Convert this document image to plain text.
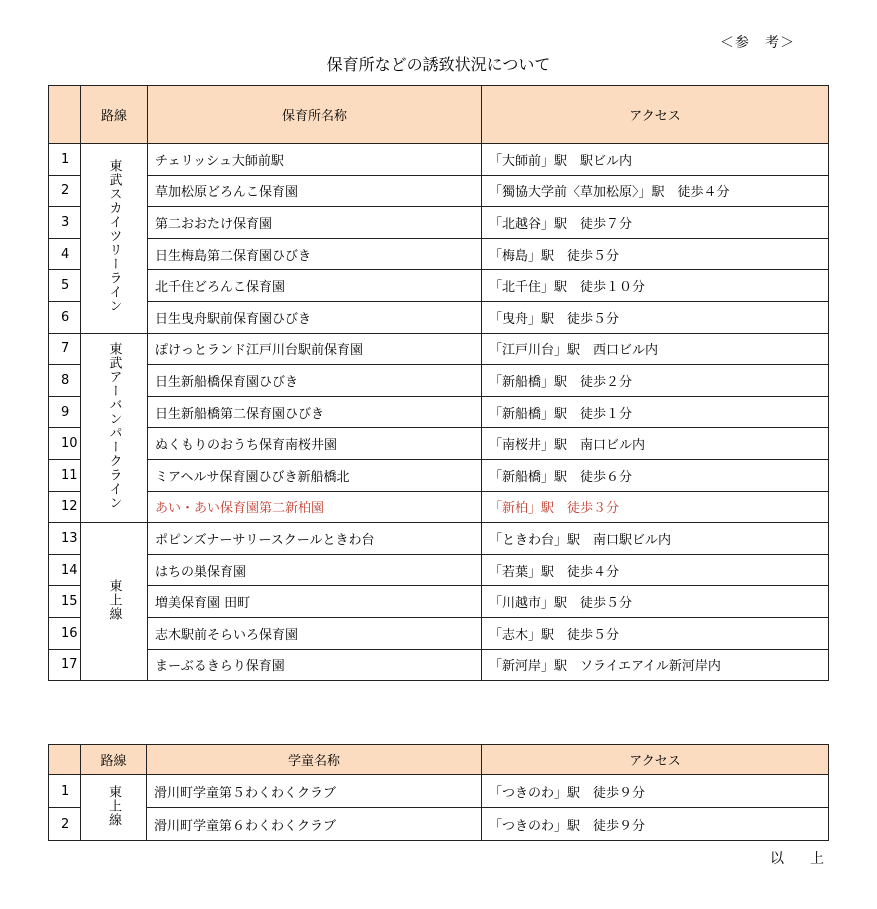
＜参　考＞
保育所などの誘致状況について
	路線	保育所名称	アクセス
1	東武スカイツリーライン	チェリッシュ大師前駅	「大師前」駅　駅ビル内
2		草加松原どろんこ保育園	「獨協大学前〈草加松原〉」駅　徒歩４分
3		第二おおたけ保育園	「北越谷」駅　徒歩７分
4		日生梅島第二保育園ひびき	「梅島」駅　徒歩５分
5		北千住どろんこ保育園	「北千住」駅　徒歩１０分
6		日生曳舟駅前保育園ひびき	「曳舟」駅　徒歩５分
7	東武アーバンパークライン	ぽけっとランド江戸川台駅前保育園	「江戸川台」駅　西口ビル内
8		日生新船橋保育園ひびき	「新船橋」駅　徒歩２分
9		日生新船橋第二保育園ひびき	「新船橋」駅　徒歩１分
10		ぬくもりのおうち保育南桜井園	「南桜井」駅　南口ビル内
11		ミアヘルサ保育園ひびき新船橋北	「新船橋」駅　徒歩６分
12		あい・あい保育園第二新柏園	「新柏」駅　徒歩３分
13	東上線	ポピンズナーサリースクールときわ台	「ときわ台」駅　南口駅ビル内
14		はちの巣保育園	「若葉」駅　徒歩４分
15		増美保育園 田町	「川越市」駅　徒歩５分
16		志木駅前そらいろ保育園	「志木」駅　徒歩５分
17		まーぶるきらり保育園	「新河岸」駅　ソライエアイル新河岸内
	路線	学童名称	アクセス
1	東上線	滑川町学童第５わくわくクラブ	「つきのわ」駅　徒歩９分
2		滑川町学童第６わくわくクラブ	「つきのわ」駅　徒歩９分
以　上
